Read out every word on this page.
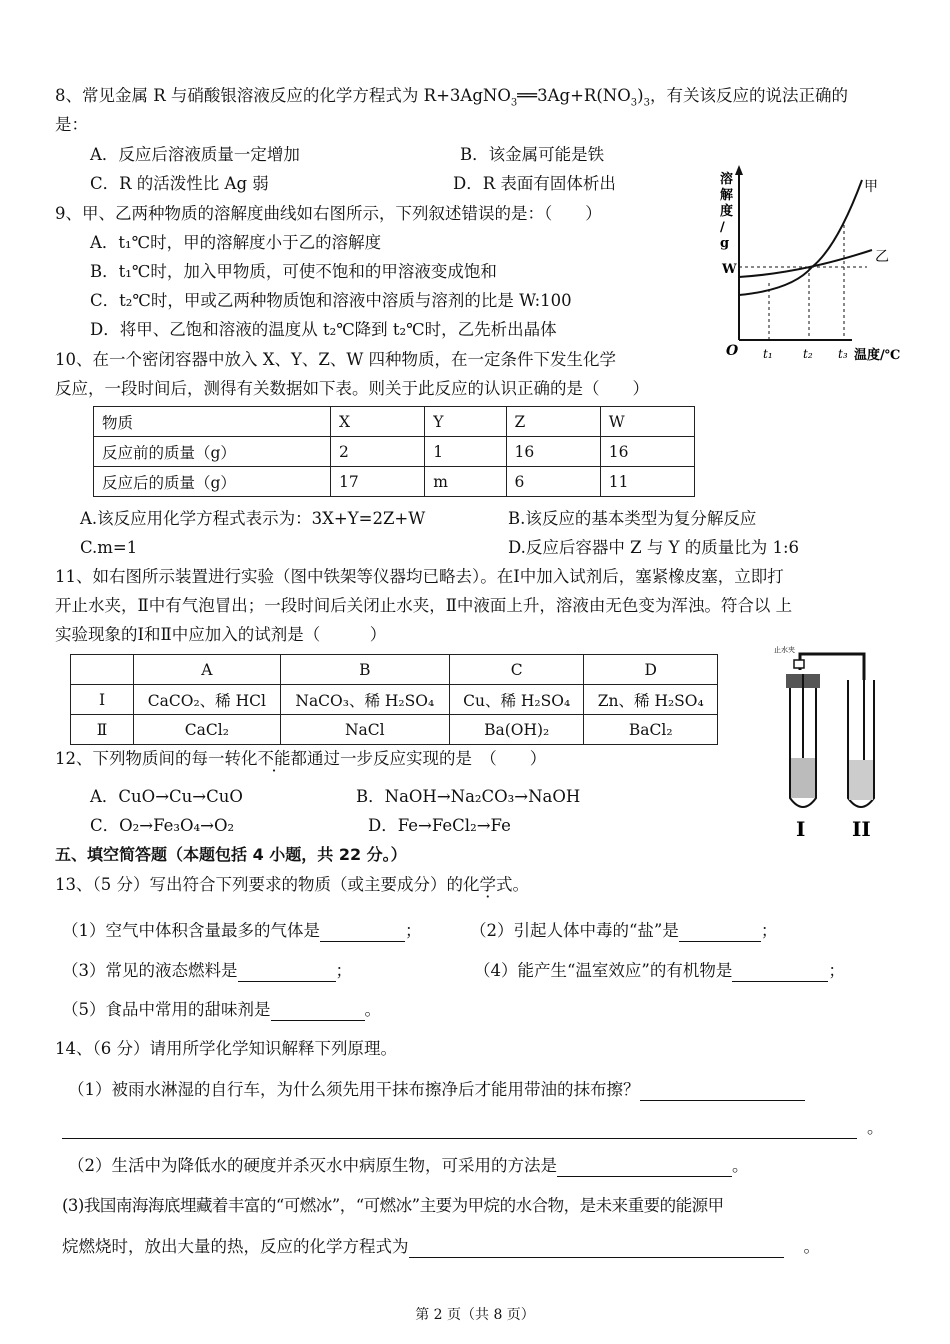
8、常见金属 R 与硝酸银溶液反应的化学方程式为 $R+3AgNO_3══3Ag+R(NO_3)_3$，有关该反应的说法正确的
是：
A．反应后溶液质量一定增加	B．该金属可能是铁
C．R 的活泼性比 Ag 弱	D．R 表面有固体析出
9、甲、乙两种物质的溶解度曲线如右图所示，下列叙述错误的是：（　　）
A．t₁℃时，甲的溶解度小于乙的溶解度
B．t₁℃时，加入甲物质，可使不饱和的甲溶液变成饱和
C．t₂℃时，甲或乙两种物质饱和溶液中溶质与溶剂的比是 W:100
D．将甲、乙饱和溶液的温度从 t₂℃降到 t₂℃时，乙先析出晶体
溶
解
度
/
g
W
O
甲
乙
t₁	t₂ t₃ 温度/℃
10、在一个密闭容器中放入 X、Y、Z、W 四种物质，在一定条件下发生化学
反应，一段时间后，测得有关数据如下表。则关于此反应的认识正确的是（　　）
物质	X	Y	Z	W
反应前的质量（g）	2	1	16	16
反应后的质量（g）	17	m	6	11
A.该反应用化学方程式表示为：3X+Y=2Z+W	B.该反应的基本类型为复分解反应
C.m=1	D.反应后容器中 Z 与 Y 的质量比为 1:6
11、如右图所示装置进行实验（图中铁架等仪器均已略去）。在Ⅰ中加入试剂后，塞紧橡皮塞，立即打
开止水夹，Ⅱ中有气泡冒出；一段时间后关闭止水夹，Ⅱ中液面上升，溶液由无色变为浑浊。符合以 上
实验现象的Ⅰ和Ⅱ中应加入的试剂是（　　　）
	A	B	C	D
Ⅰ	CaCO₂、稀 HCl	NaCO₃、稀 H₂SO₄	Cu、稀 H₂SO₄	Zn、稀 H₂SO₄
Ⅱ	CaCl₂	NaCl	Ba(OH)₂	BaCl₂
止水夹
I II
12、下列物质间的每一转化不能都通过一步反应实现的是　（　　）
A．CuO→Cu→CuO	B．NaOH→Na₂CO₃→NaOH
C．O₂→Fe₃O₄→O₂	D．Fe→FeCl₂→Fe
五、填空简答题（本题包括 4 小题，共 22 分。）
13、（5 分）写出符合下列要求的物质（或主要成分）的化学式。
（1）空气中体积含量最多的气体是	；	（2）引起人体中毒的“盐”是	；
（3）常见的液态燃料是	；	（4）能产生“温室效应”的有机物是	；
（5）食品中常用的甜味剂是	。
14、（6 分）请用所学化学知识解释下列原理。
（1）被雨水淋湿的自行车，为什么须先用干抹布擦净后才能用带油的抹布擦？
。
（2）生活中为降低水的硬度并杀灭水中病原生物，可采用的方法是	。
(3)我国南海海底埋藏着丰富的“可燃冰”，“可燃冰”主要为甲烷的水合物，是未来重要的能源甲
烷燃烧时，放出大量的热，反应的化学方程式为	。
第 2 页（共 8 页）
